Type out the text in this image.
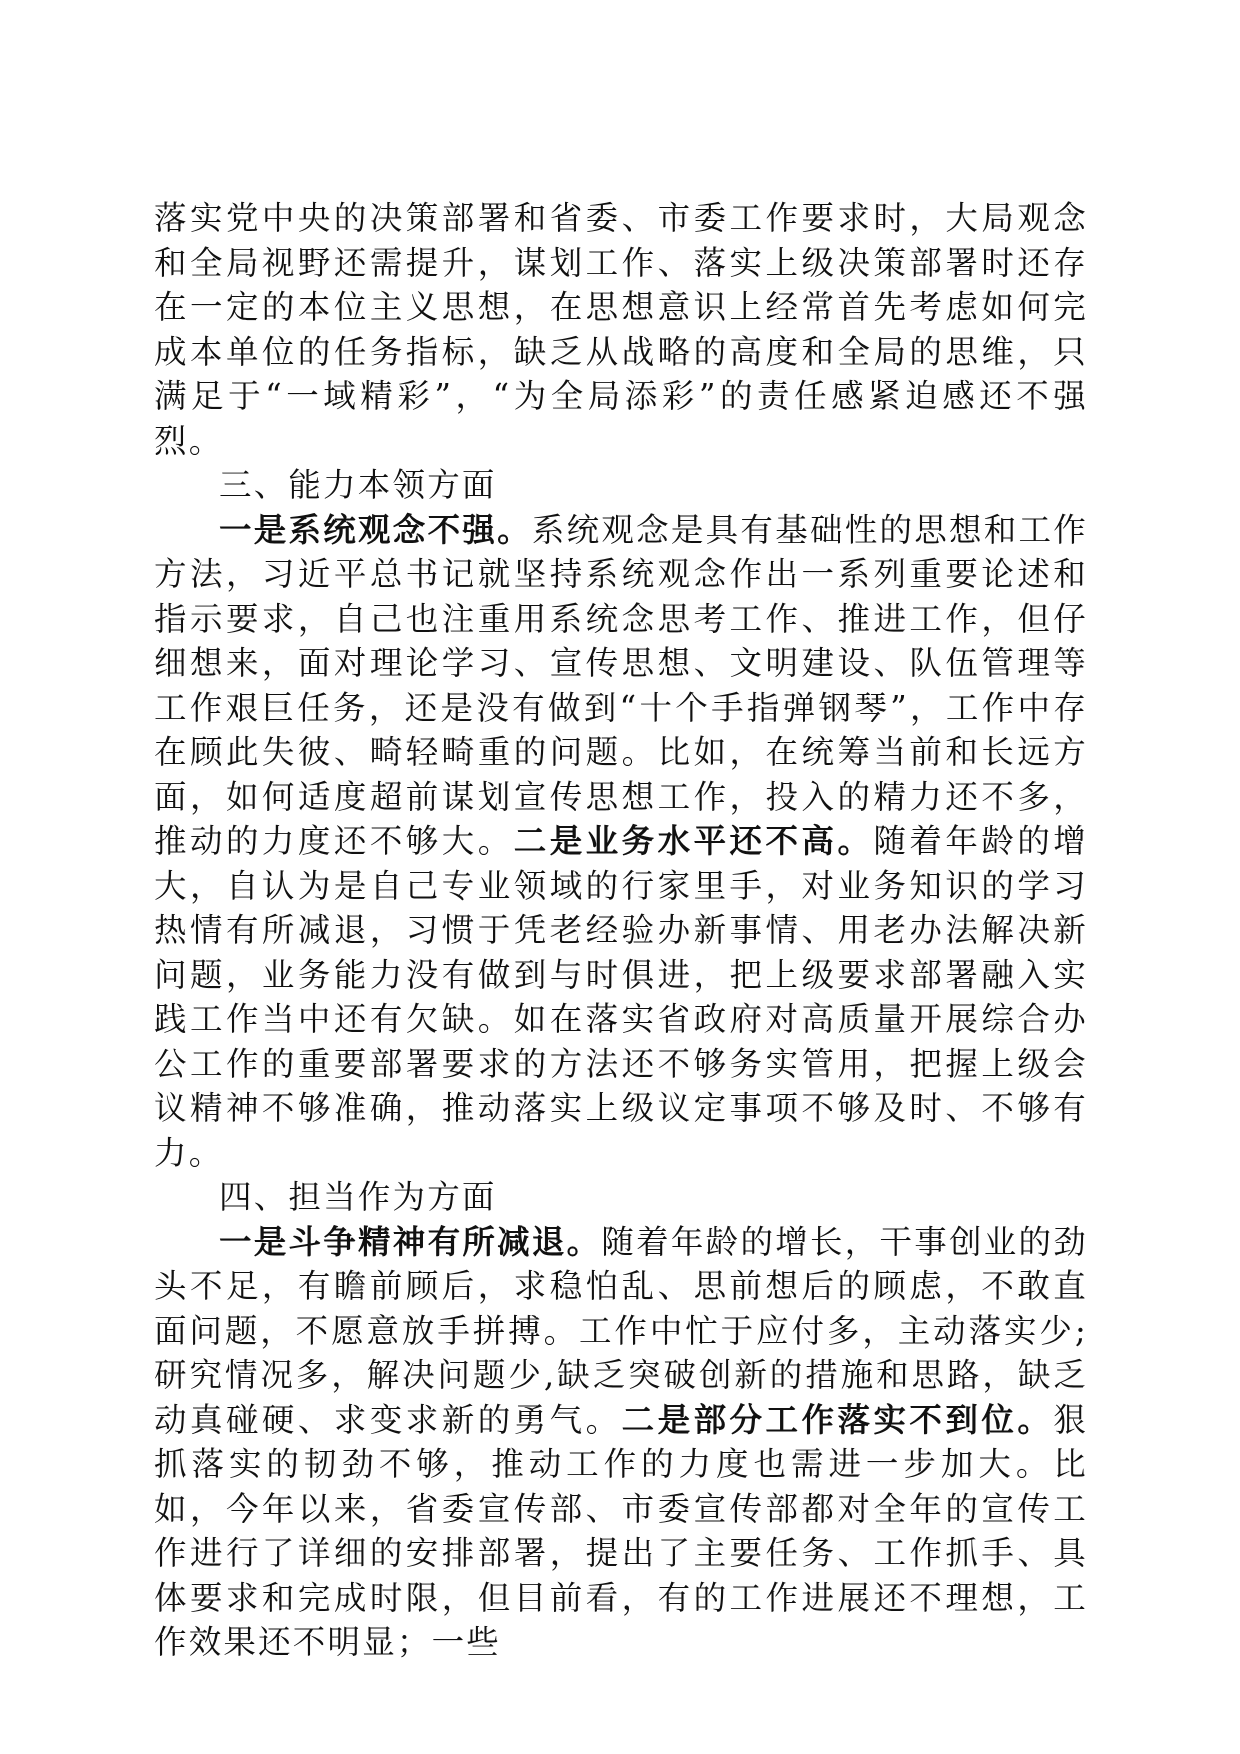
落实党中央的决策部署和省委、市委工作要求时，大局观念和全局视野还需提升，谋划工作、落实上级决策部署时还存在一定的本位主义思想，在思想意识上经常首先考虑如何完成本单位的任务指标，缺乏从战略的高度和全局的思维，只满足于“一域精彩”，“为全局添彩”的责任感紧迫感还不强烈。

三、能力本领方面

一是系统观念不强。系统观念是具有基础性的思想和工作方法，习近平总书记就坚持系统观念作出一系列重要论述和指示要求，自己也注重用系统念思考工作、推进工作，但仔细想来，面对理论学习、宣传思想、文明建设、队伍管理等工作艰巨任务，还是没有做到“十个手指弹钢琴”，工作中存在顾此失彼、畸轻畸重的问题。比如，在统筹当前和长远方面，如何适度超前谋划宣传思想工作，投入的精力还不多，推动的力度还不够大。二是业务水平还不高。随着年龄的增大，自认为是自己专业领域的行家里手，对业务知识的学习热情有所减退，习惯于凭老经验办新事情、用老办法解决新问题，业务能力没有做到与时俱进，把上级要求部署融入实践工作当中还有欠缺。如在落实省政府对高质量开展综合办公工作的重要部署要求的方法还不够务实管用，把握上级会议精神不够准确，推动落实上级议定事项不够及时、不够有力。

四、担当作为方面

一是斗争精神有所减退。随着年龄的增长，干事创业的劲头不足，有瞻前顾后，求稳怕乱、思前想后的顾虑，不敢直面问题，不愿意放手拼搏。工作中忙于应付多，主动落实少;研究情况多，解决问题少,缺乏突破创新的措施和思路，缺乏动真碰硬、求变求新的勇气。二是部分工作落实不到位。狠抓落实的韧劲不够，推动工作的力度也需进一步加大。比如，今年以来，省委宣传部、市委宣传部都对全年的宣传工作进行了详细的安排部署，提出了主要任务、工作抓手、具体要求和完成时限，但目前看，有的工作进展还不理想，工作效果还不明显；一些
